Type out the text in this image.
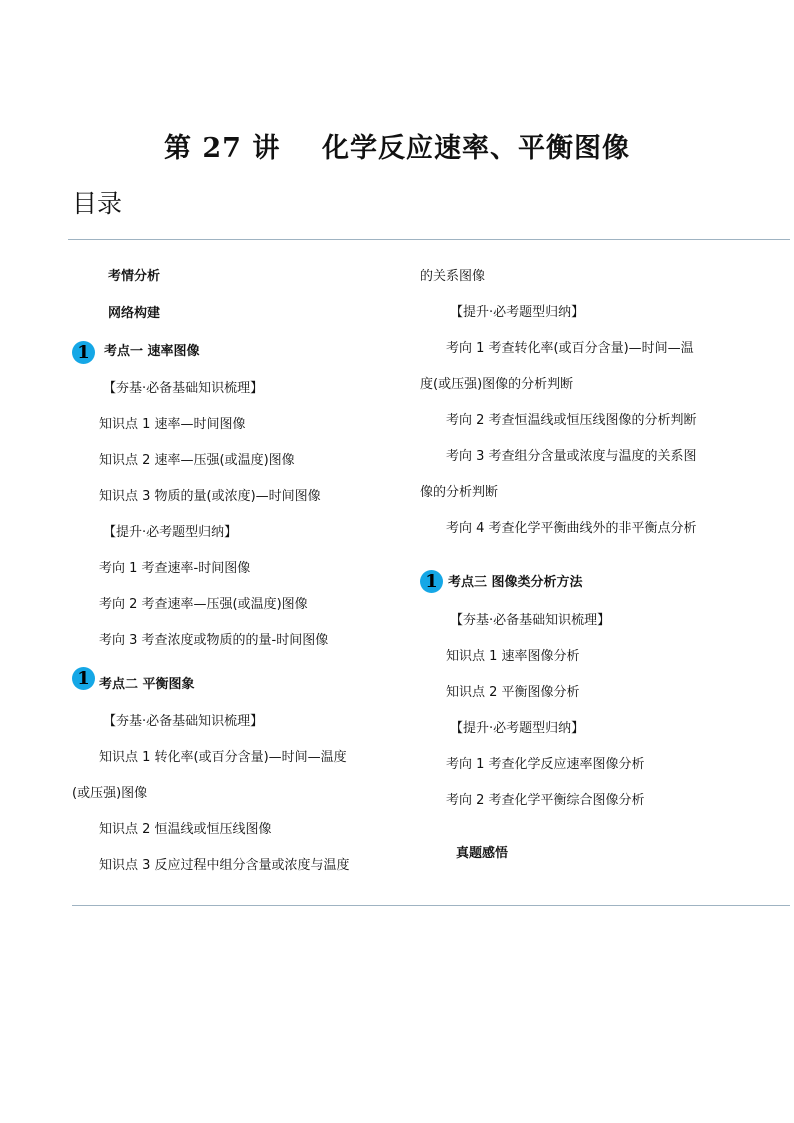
第 27 讲    化学反应速率、平衡图像
目录
考情分析
网络构建
1	考点一 速率图像
【夯基·必备基础知识梳理】
知识点 1 速率—时间图像
知识点 2 速率—压强(或温度)图像
知识点 3 物质的量(或浓度)—时间图像
【提升·必考题型归纳】
考向 1 考查速率-时间图像
考向 2 考查速率—压强(或温度)图像
考向 3 考查浓度或物质的的量-时间图像
1 考点二 平衡图象
【夯基·必备基础知识梳理】
知识点 1 转化率(或百分含量)—时间—温度
(或压强)图像
知识点 2 恒温线或恒压线图像
知识点 3 反应过程中组分含量或浓度与温度
的关系图像
【提升·必考题型归纳】
考向 1 考查转化率(或百分含量)—时间—温
度(或压强)图像的分析判断
考向 2 考查恒温线或恒压线图像的分析判断
考向 3 考查组分含量或浓度与温度的关系图
像的分析判断
考向 4 考查化学平衡曲线外的非平衡点分析
1 考点三 图像类分析方法
【夯基·必备基础知识梳理】
知识点 1 速率图像分析
知识点 2 平衡图像分析
【提升·必考题型归纳】
考向 1 考查化学反应速率图像分析
考向 2 考查化学平衡综合图像分析
真题感悟
